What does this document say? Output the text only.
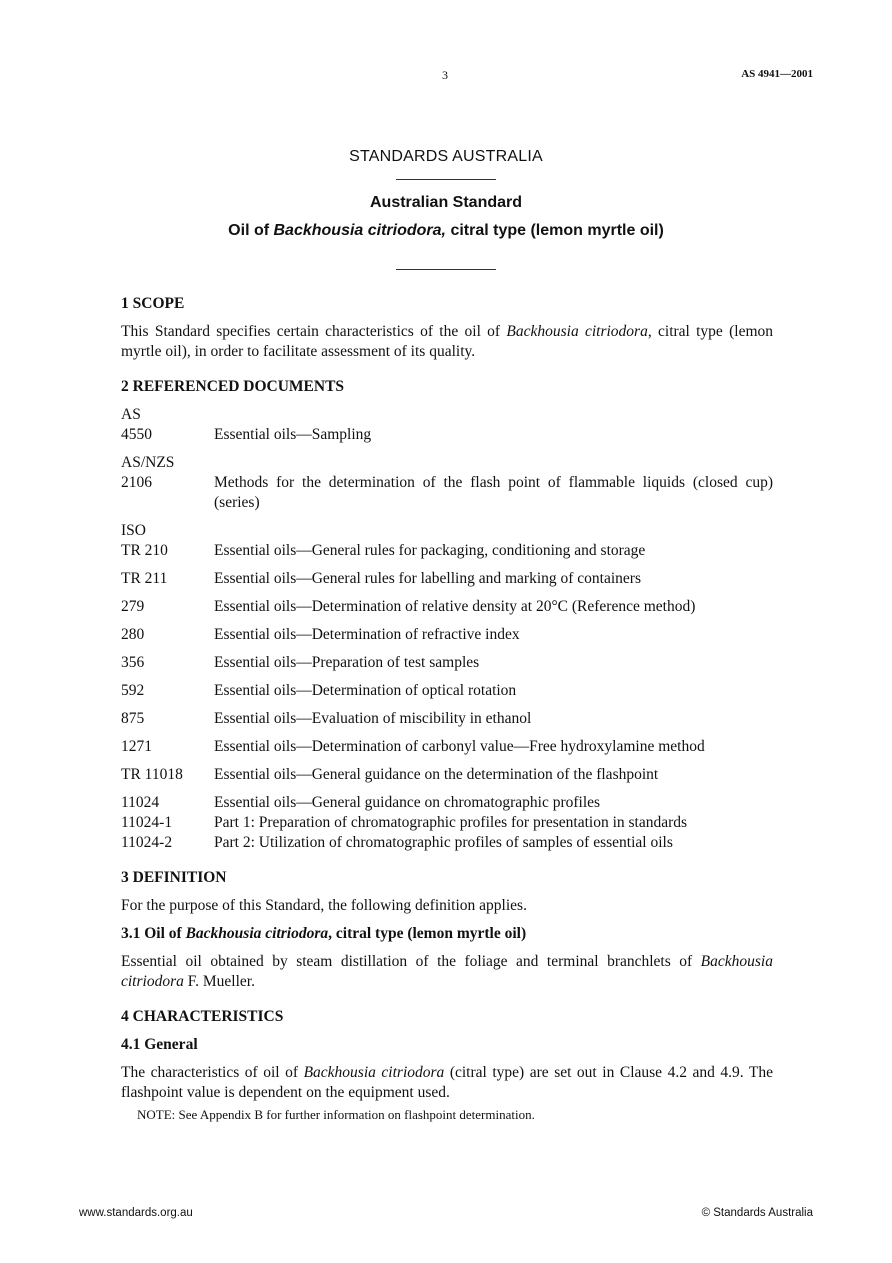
3	AS 4941—2001
STANDARDS AUSTRALIA
Australian Standard
Oil of Backhousia citriodora, citral type (lemon myrtle oil)
1 SCOPE

This Standard specifies certain characteristics of the oil of Backhousia citriodora, citral type (lemon myrtle oil), in order to facilitate assessment of its quality.

2 REFERENCED DOCUMENTS
AS
4550	Essential oils—Sampling
AS/NZS
2106	Methods for the determination of the flash point of flammable liquids (closed cup) (series)
ISO
TR 210	Essential oils—General rules for packaging, conditioning and storage
TR 211	Essential oils—General rules for labelling and marking of containers
279	Essential oils—Determination of relative density at 20°C (Reference method)
280	Essential oils—Determination of refractive index
356	Essential oils—Preparation of test samples
592	Essential oils—Determination of optical rotation
875	Essential oils—Evaluation of miscibility in ethanol
1271	Essential oils—Determination of carbonyl value—Free hydroxylamine method
TR 11018	Essential oils—General guidance on the determination of the flashpoint
11024	Essential oils—General guidance on chromatographic profiles
11024-1	Part 1: Preparation of chromatographic profiles for presentation in standards
11024-2	Part 2: Utilization of chromatographic profiles of samples of essential oils
3 DEFINITION

For the purpose of this Standard, the following definition applies.

3.1 Oil of Backhousia citriodora, citral type (lemon myrtle oil)

Essential oil obtained by steam distillation of the foliage and terminal branchlets of Backhousia citriodora F. Mueller.

4 CHARACTERISTICS
4.1 General

The characteristics of oil of Backhousia citriodora (citral type) are set out in Clause 4.2 and 4.9. The flashpoint value is dependent on the equipment used.

NOTE: See Appendix B for further information on flashpoint determination.
www.standards.org.au	© Standards Australia
